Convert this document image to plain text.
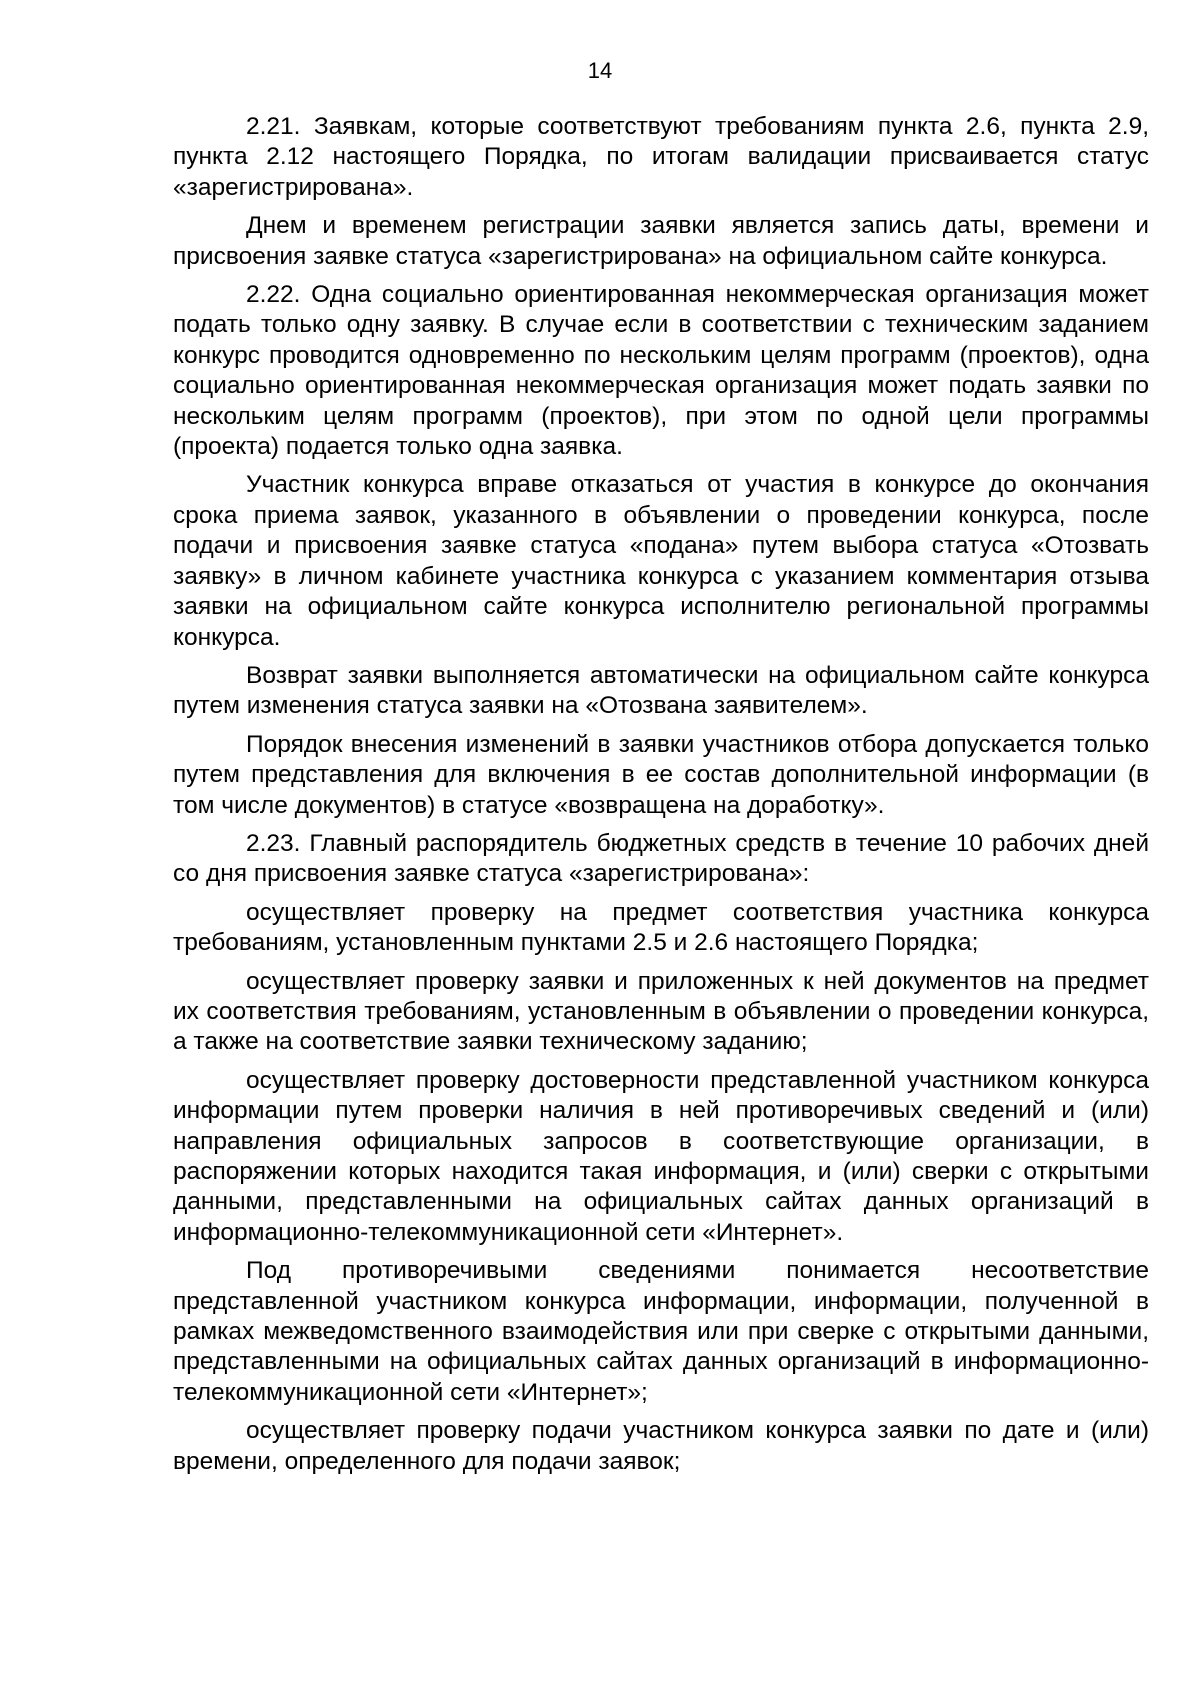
14

2.21. Заявкам, которые соответствуют требованиям пункта 2.6, пункта 2.9, пункта 2.12 настоящего Порядка, по итогам валидации присваивается статус «зарегистрирована».

Днем и временем регистрации заявки является запись даты, времени и присвоения заявке статуса «зарегистрирована» на официальном сайте конкурса.

2.22. Одна социально ориентированная некоммерческая организация может подать только одну заявку. В случае если в соответствии с техническим заданием конкурс проводится одновременно по нескольким целям программ (проектов), одна социально ориентированная некоммерческая организация может подать заявки по нескольким целям программ (проектов), при этом по одной цели программы (проекта) подается только одна заявка.

Участник конкурса вправе отказаться от участия в конкурсе до окончания срока приема заявок, указанного в объявлении о проведении конкурса, после подачи и присвоения заявке статуса «подана» путем выбора статуса «Отозвать заявку» в личном кабинете участника конкурса с указанием комментария отзыва заявки на официальном сайте конкурса исполнителю региональной программы конкурса.

Возврат заявки выполняется автоматически на официальном сайте конкурса путем изменения статуса заявки на «Отозвана заявителем».

Порядок внесения изменений в заявки участников отбора допускается только путем представления для включения в ее состав дополнительной информации (в том числе документов) в статусе «возвращена на доработку».

2.23. Главный распорядитель бюджетных средств в течение 10 рабочих дней со дня присвоения заявке статуса «зарегистрирована»:

осуществляет проверку на предмет соответствия участника конкурса требованиям, установленным пунктами 2.5 и 2.6 настоящего Порядка;

осуществляет проверку заявки и приложенных к ней документов на предмет их соответствия требованиям, установленным в объявлении о проведении конкурса, а также на соответствие заявки техническому заданию;

осуществляет проверку достоверности представленной участником конкурса информации путем проверки наличия в ней противоречивых сведений и (или) направления официальных запросов в соответствующие организации, в распоряжении которых находится такая информация, и (или) сверки с открытыми данными, представленными на официальных сайтах данных организаций в информационно-телекоммуникационной сети «Интернет».

Под противоречивыми сведениями понимается несоответствие представленной участником конкурса информации, информации, полученной в рамках межведомственного взаимодействия или при сверке с открытыми данными, представленными на официальных сайтах данных организаций в информационно-телекоммуникационной сети «Интернет»;

осуществляет проверку подачи участником конкурса заявки по дате и (или) времени, определенного для подачи заявок;
